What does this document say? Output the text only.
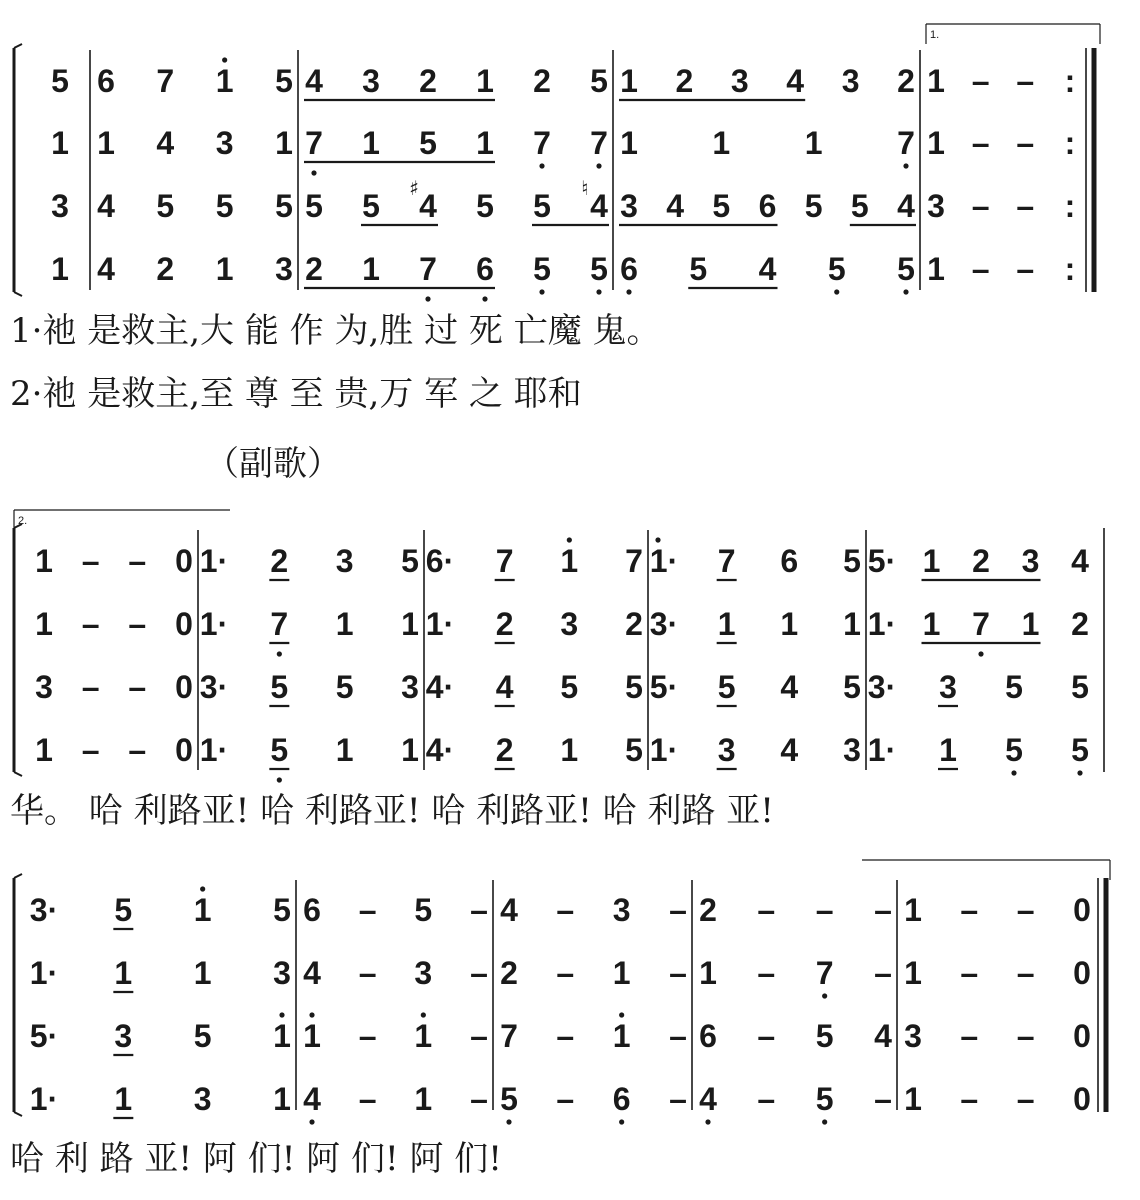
1.
5
1
3
1
6 7 1 5
1 4 3 1
4 5 5 5
4 2 1 3
4 3 2 1 2 5
7 1 5 1 7 7
5 5 4
♯ 5 5 4
♮
2 1 7 6 5 5
1 2 3 4 3 2
1 1 1 7
3 4 5 6 5 5 4
6 5 4 5 5
1 – – :
1 – – :
3 – – :
1 – – :
1·祂 是救主,大 能 作 为,胜 过 死 亡魔 鬼。
2·祂 是救主,至 尊 至 贵,万 军 之 耶和
（副歌）
2.
1 – – 0
1 – – 0
3 – – 0
1 – – 0
1· 2 3 5
1· 7 1 1
3· 5 5 3
1· 5 1 1
6· 7 1 7
1· 2 3 2
4· 4 5 5
4· 2 1 5
1· 7 6 5
3· 1 1 1
5· 5 4 5
1· 3 4 3
5· 1 2 3 4
1· 1 7 1 2
3· 3 5 5
1· 1 5 5
华。 哈 利路亚! 哈 利路亚! 哈 利路亚! 哈 利路 亚!
3· 5 1 5
1· 1 1 3
5· 3 5 1
1· 1 3 1
6 – 5 –
4 – 3 –
1 – 1 –
4 – 1 –
4 – 3 –
2 – 1 –
7 – 1 –
5 – 6 –
2 – – –
1 – 7 –
6 – 5 4
4 – 5 –
1 – – 0
1 – – 0
3 – – 0
1 – – 0
哈 利 路 亚! 阿 们! 阿 们! 阿 们!
